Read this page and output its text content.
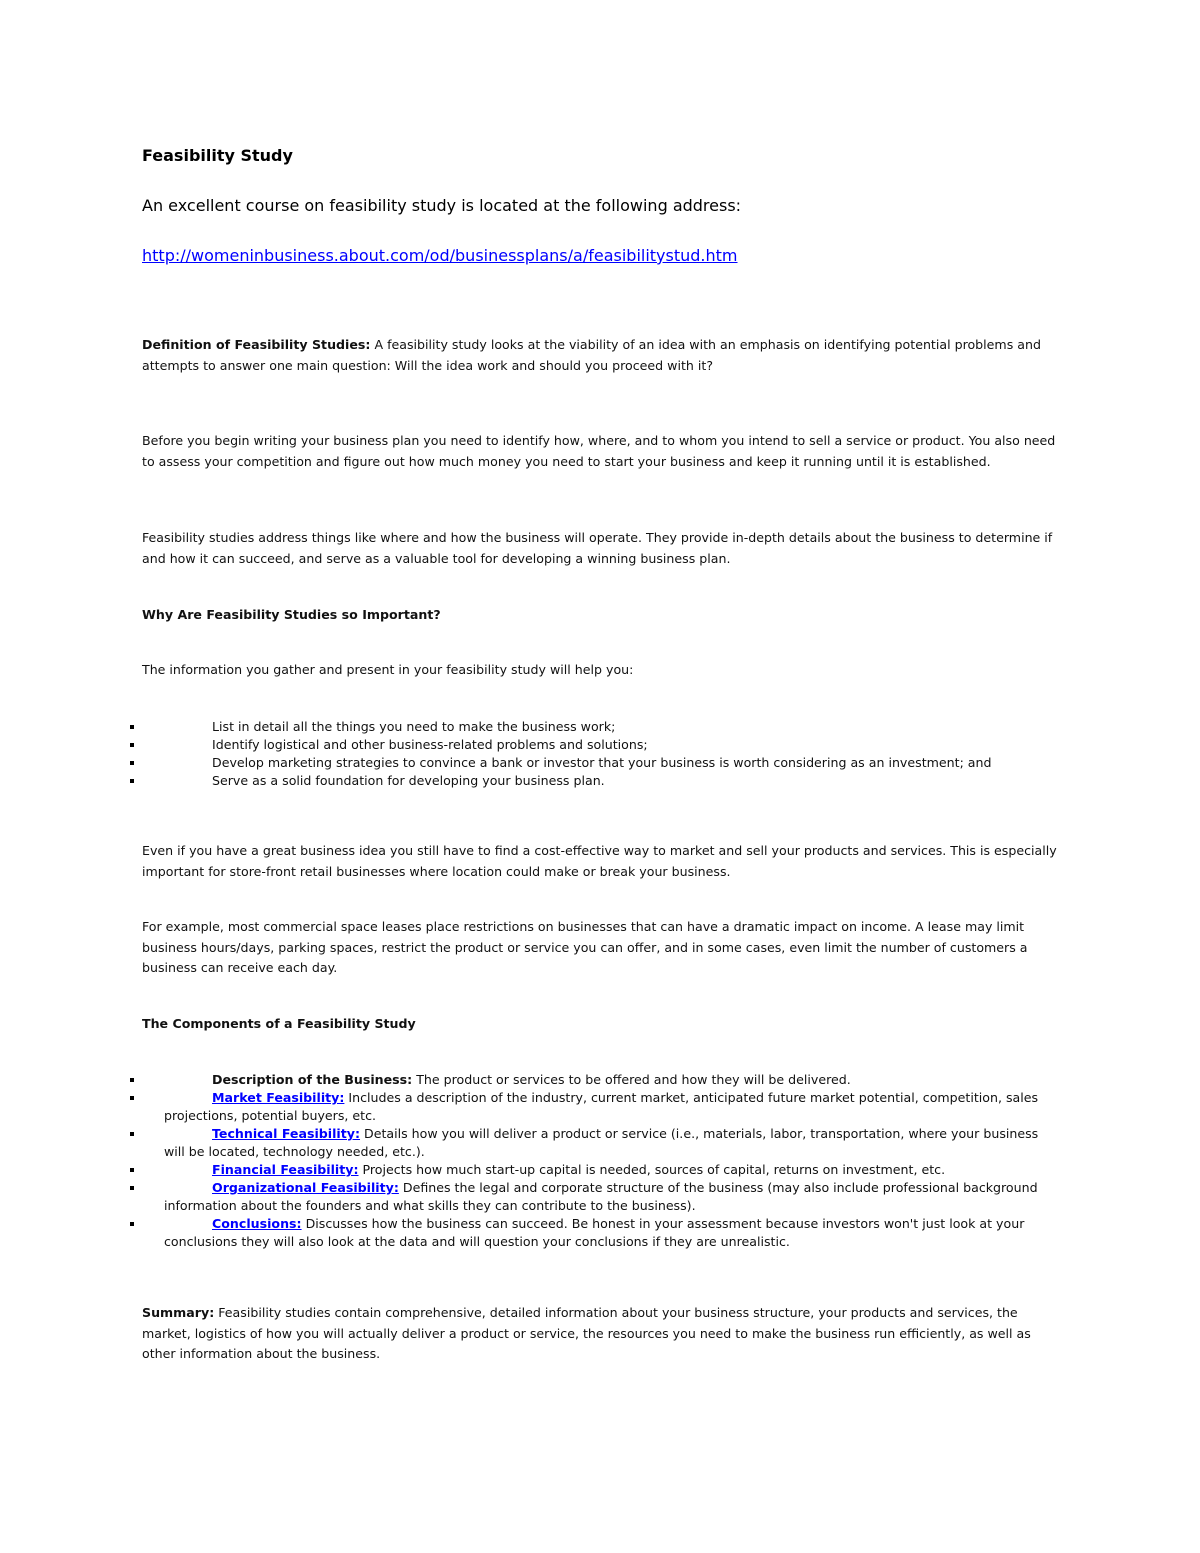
Feasibility Study
An excellent course on feasibility study is located at the following address:
http://womeninbusiness.about.com/od/businessplans/a/feasibilitystud.htm

Definition of Feasibility Studies: A feasibility study looks at the viability of an idea with an emphasis on identifying potential problems and attempts to answer one main question: Will the idea work and should you proceed with it?

Before you begin writing your business plan you need to identify how, where, and to whom you intend to sell a service or product. You also need to assess your competition and figure out how much money you need to start your business and keep it running until it is established.

Feasibility studies address things like where and how the business will operate. They provide in-depth details about the business to determine if and how it can succeed, and serve as a valuable tool for developing a winning business plan.

Why Are Feasibility Studies so Important?

The information you gather and present in your feasibility study will help you:

List in detail all the things you need to make the business work;
Identify logistical and other business-related problems and solutions;
Develop marketing strategies to convince a bank or investor that your business is worth considering as an investment; and
Serve as a solid foundation for developing your business plan.

Even if you have a great business idea you still have to find a cost-effective way to market and sell your products and services. This is especially important for store-front retail businesses where location could make or break your business.

For example, most commercial space leases place restrictions on businesses that can have a dramatic impact on income. A lease may limit business hours/days, parking spaces, restrict the product or service you can offer, and in some cases, even limit the number of customers a business can receive each day.

The Components of a Feasibility Study
Description of the Business: The product or services to be offered and how they will be delivered.
Market Feasibility: Includes a description of the industry, current market, anticipated future market potential, competition, sales projections, potential buyers, etc.
Technical Feasibility: Details how you will deliver a product or service (i.e., materials, labor, transportation, where your business will be located, technology needed, etc.).
Financial Feasibility: Projects how much start-up capital is needed, sources of capital, returns on investment, etc.
Organizational Feasibility: Defines the legal and corporate structure of the business (may also include professional background information about the founders and what skills they can contribute to the business).
Conclusions: Discusses how the business can succeed. Be honest in your assessment because investors won't just look at your conclusions they will also look at the data and will question your conclusions if they are unrealistic.

Summary: Feasibility studies contain comprehensive, detailed information about your business structure, your products and services, the market, logistics of how you will actually deliver a product or service, the resources you need to make the business run efficiently, as well as other information about the business.
